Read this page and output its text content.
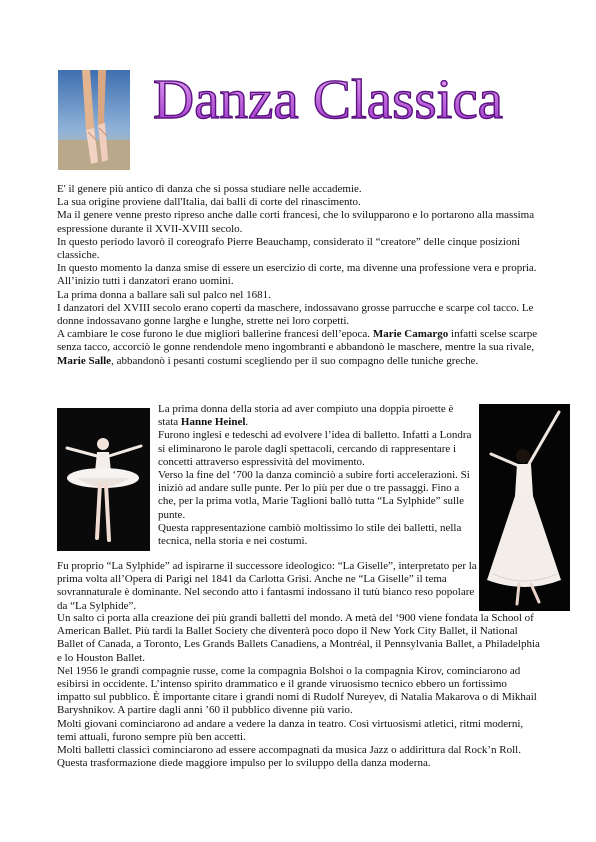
Danza Classica

E' il genere più antico di danza che si possa studiare nelle accademie.

La sua origine proviene dall'Italia, dai balli di corte del rinascimento.

Ma il genere venne presto ripreso anche dalle corti francesi, che lo svilupparono e lo portarono alla massima espressione durante il XVII-XVIII secolo.

In questo periodo lavorò il coreografo Pierre Beauchamp, considerato il “creatore” delle cinque posizioni classiche.

In questo momento la danza smise di essere un esercizio di corte, ma divenne una professione vera e propria.

All’inizio tutti i danzatori erano uomini.

La prima donna a ballare salì sul palco nel 1681.

I danzatori del XVIII secolo erano coperti da maschere, indossavano grosse parrucche e scarpe col tacco. Le donne indossavano gonne larghe e lunghe, strette nei loro corpetti.

A cambiare le cose furono le due migliori ballerine francesi dell’epoca. Marie Camargo infatti scelse scarpe senza tacco, accorciò le gonne rendendole meno ingombranti e abbandonò le maschere, mentre la sua rivale, Marie Salle, abbandonò i pesanti costumi scegliendo per il suo compagno delle tuniche greche.

La prima donna della storia ad aver compiuto una doppia piroette è stata Hanne Heinel.

Furono inglesi e tedeschi ad evolvere l’idea di balletto. Infatti a Londra si eliminarono le parole dagli spettacoli, cercando di rappresentare i concetti attraverso espressività del movimento.

Verso la fine del ‘700 la danza cominciò a subire forti accelerazioni. Si iniziò ad andare sulle punte. Per lo più per due o tre passaggi. Fino a che, per la prima votla, Marie Taglioni ballò tutta “La Sylphide” sulle punte.

Questa rappresentazione cambiò moltissimo lo stile dei balletti, nella tecnica, nella storia e nei costumi.

Fu proprio “La Sylphide” ad ispirarne il successore ideologico: “La Giselle”, interpretato per la prima volta all’Opera di Parigi nel 1841 da Carlotta Grisi. Anche ne “La Giselle” il tema sovrannaturale è dominante. Nel secondo atto i fantasmi indossano il tutù bianco reso popolare da “La Sylphide”.

Un salto ci porta alla creazione dei più grandi balletti del mondo. A metà del ‘900 viene fondata la School of American Ballet. Più tardi la Ballet Society che diventerà poco dopo il New York City Ballet, il National Ballet of Canada, a Toronto, Les Grands Ballets Canadiens, a Montréal, il Pennsylvania Ballet, a Philadelphia e lo Houston Ballet.

Nel 1956 le grandi compagnie russe, come la compagnia Bolshoi o la compagnia Kirov, cominciarono ad esibirsi in occidente. L’intenso spirito drammatico e il grande viruosismo tecnico ebbero un fortissimo impatto sul pubblico. È importante citare i grandi nomi di Rudolf Nureyev, di Natalia Makarova o di Mikhail Baryshnikov. A partire dagli anni ’60 il pubblico divenne più vario.

Molti giovani cominciarono ad andare a vedere la danza in teatro. Così virtuosismi atletici, ritmi moderni, temi attuali, furono sempre più ben accetti.

Molti balletti classici cominciarono ad essere accompagnati da musica Jazz o addirittura dal Rock’n Roll. Questa trasformazione diede maggiore impulso per lo sviluppo della danza moderna.
